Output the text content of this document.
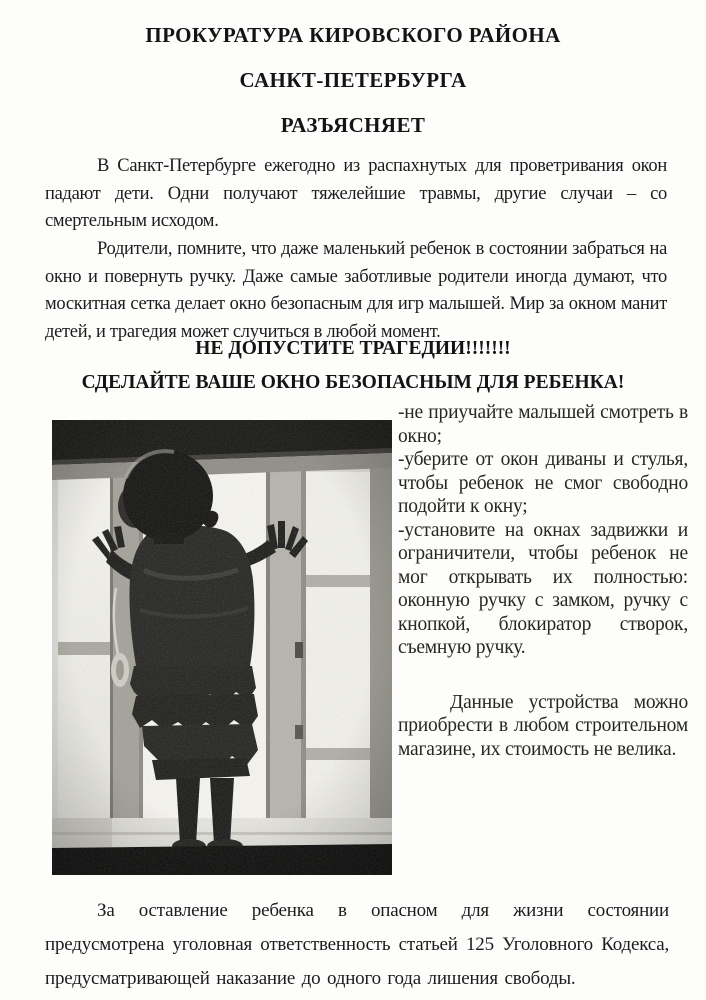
ПРОКУРАТУРА КИРОВСКОГО РАЙОНА
САНКТ-ПЕТЕРБУРГА
РАЗЪЯСНЯЕТ

В Санкт-Петербурге ежегодно из распахнутых для проветривания окон падают дети. Одни получают тяжелейшие травмы, другие случаи – со смертельным исходом.

Родители, помните, что даже маленький ребенок в состоянии забраться на окно и повернуть ручку. Даже самые заботливые родители иногда думают, что москитная сетка делает окно безопасным для игр малышей. Мир за окном манит детей, и трагедия может случиться в любой момент.

НЕ ДОПУСТИТЕ ТРАГЕДИИ!!!!!!!
СДЕЛАЙТЕ ВАШЕ ОКНО БЕЗОПАСНЫМ ДЛЯ РЕБЕНКА!

-не приучайте малышей смотреть в окно;

-уберите от окон диваны и стулья, чтобы ребенок не смог свободно подойти к окну;

-установите на окнах задвижки и ограничители, чтобы ребенок не мог открывать их полностью: оконную ручку с замком, ручку с кнопкой, блокиратор створок, съемную ручку.

Данные устройства можно приобрести в любом строительном магазине, их стоимость не велика.

За оставление ребенка в опасном для жизни состоянии предусмотрена уголовная ответственность статьей 125 Уголовного Кодекса, предусматривающей наказание до одного года лишения свободы.
